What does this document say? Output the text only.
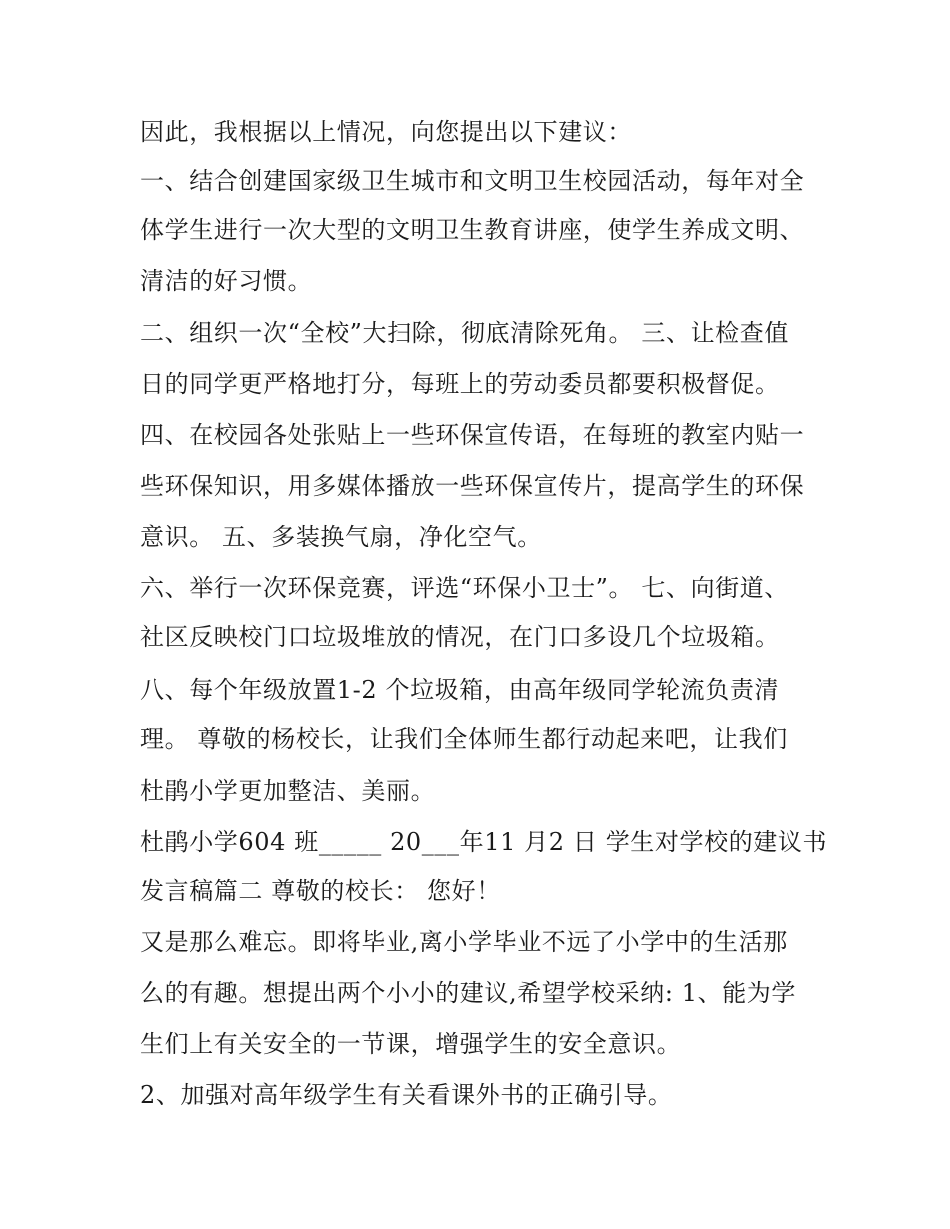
因此，我根据以上情况，向您提出以下建议：

一、结合创建国家级卫生城市和文明卫生校园活动，每年对全

体学生进行一次大型的文明卫生教育讲座，使学生养成文明、

清洁的好习惯。

二、组织一次“全校”大扫除，彻底清除死角。 三、让检查值

日的同学更严格地打分，每班上的劳动委员都要积极督促。

四、在校园各处张贴上一些环保宣传语，在每班的教室内贴一

些环保知识，用多媒体播放一些环保宣传片，提高学生的环保

意识。 五、多装换气扇，净化空气。

六、举行一次环保竞赛，评选“环保小卫士”。 七、向街道、

社区反映校门口垃圾堆放的情况，在门口多设几个垃圾箱。

八、每个年级放置1-2 个垃圾箱，由高年级同学轮流负责清

理。 尊敬的杨校长，让我们全体师生都行动起来吧，让我们

杜鹃小学更加整洁、美丽。

杜鹃小学604 班_____ 20___年11 月2 日 学生对学校的建议书

发言稿篇二 尊敬的校长： 您好！

又是那么难忘。即将毕业,离小学毕业不远了小学中的生活那

么的有趣。想提出两个小小的建议,希望学校采纳: 1、能为学

生们上有关安全的一节课，增强学生的安全意识。

2、加强对高年级学生有关看课外书的正确引导。
